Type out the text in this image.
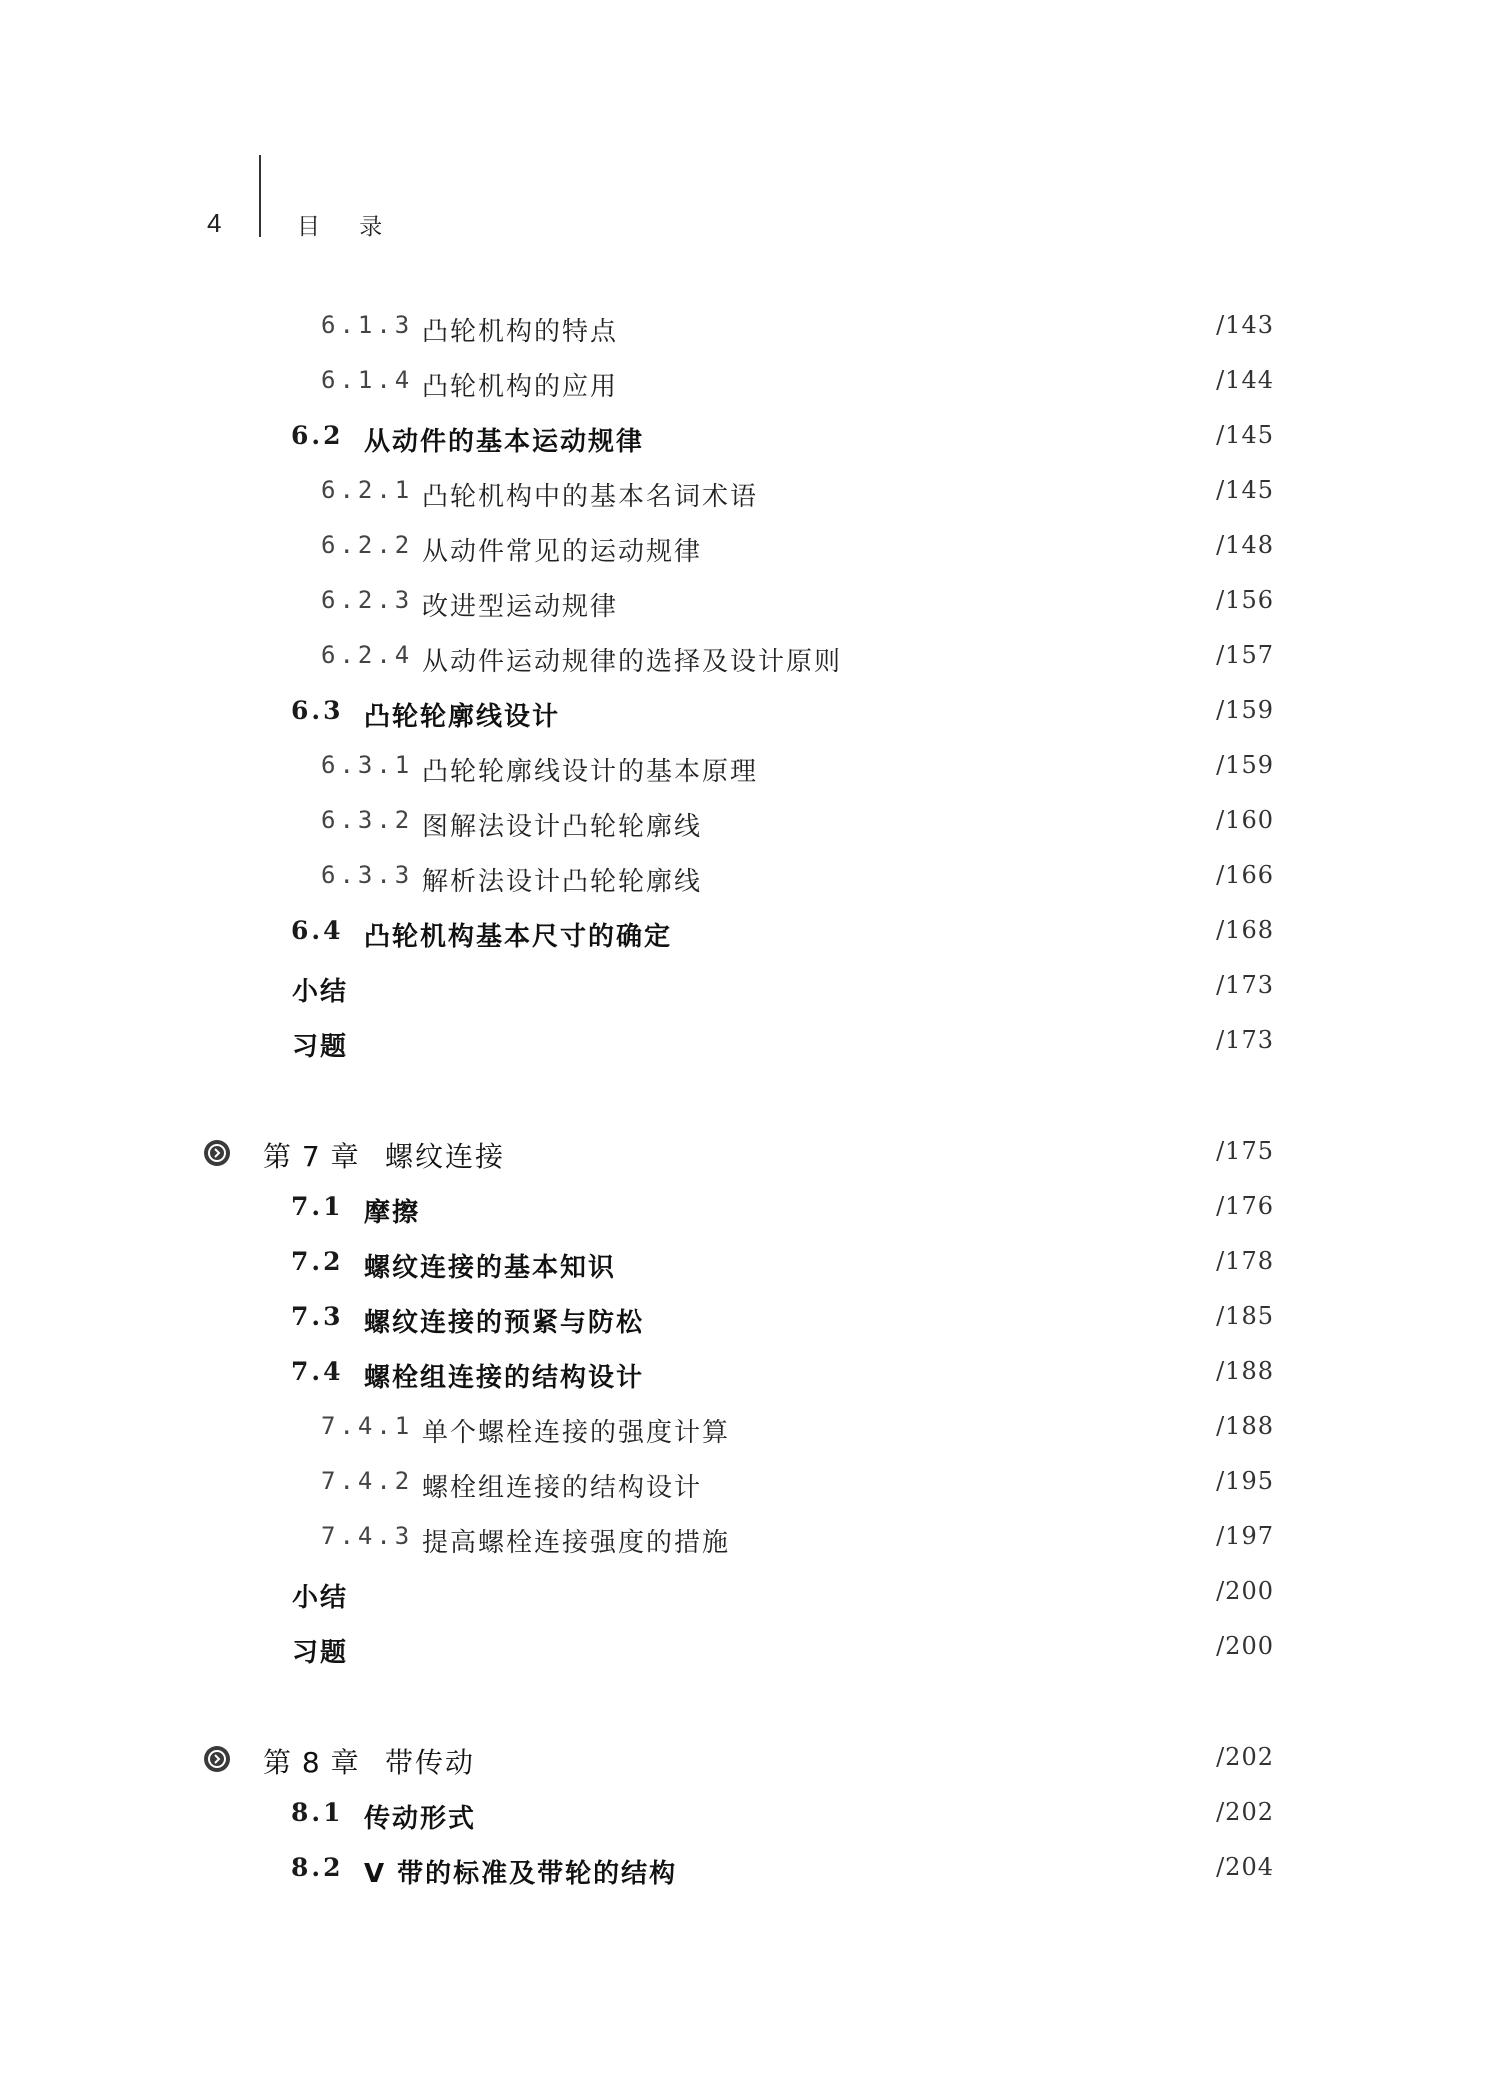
4	目 录
6.1.3 凸轮机构的特点	/143
6.1.4 凸轮机构的应用	/144
6.2 从动件的基本运动规律	/145
6.2.1 凸轮机构中的基本名词术语	/145
6.2.2 从动件常见的运动规律	/148
6.2.3 改进型运动规律	/156
6.2.4 从动件运动规律的选择及设计原则	/157
6.3 凸轮轮廓线设计	/159
6.3.1 凸轮轮廓线设计的基本原理	/159
6.3.2 图解法设计凸轮轮廓线	/160
6.3.3 解析法设计凸轮轮廓线	/166
6.4 凸轮机构基本尺寸的确定	/168
小结	/173
习题	/173
第 7 章 螺纹连接	/175
7.1 摩擦	/176
7.2 螺纹连接的基本知识	/178
7.3 螺纹连接的预紧与防松	/185
7.4 螺栓组连接的结构设计	/188
7.4.1 单个螺栓连接的强度计算	/188
7.4.2 螺栓组连接的结构设计	/195
7.4.3 提高螺栓连接强度的措施	/197
小结	/200
习题	/200
第 8 章 带传动	/202
8.1 传动形式	/202
8.2 V 带的标准及带轮的结构	/204
